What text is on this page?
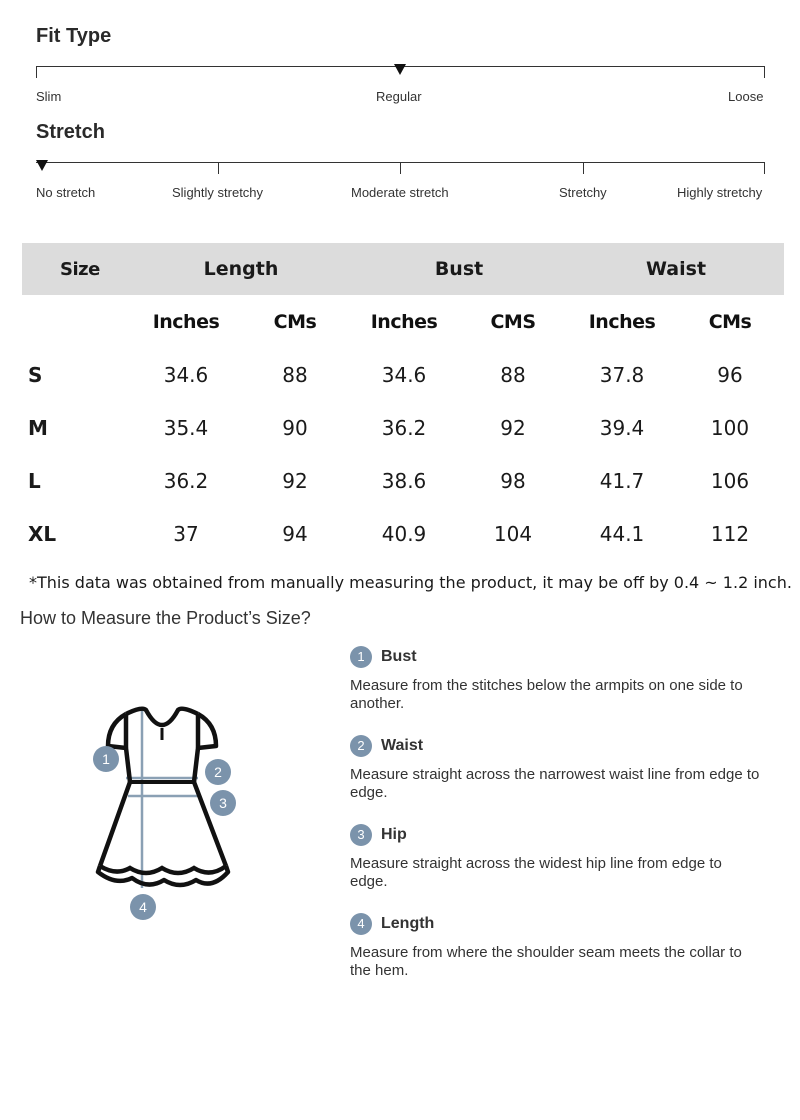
Fit Type
Slim	Regular	Loose
Stretch
No stretch	Slightly stretchy	Moderate stretch	Stretchy	Highly stretchy
Size	Length		Bust		Waist	
	Inches	CMs	Inches	CMS	Inches	CMs
S	34.6	88	34.6	88	37.8	96
M	35.4	90	36.2	92	39.4	100
L	36.2	92	38.6	98	41.7	106
XL	37	94	40.9	104	44.1	112
*This data was obtained from manually measuring the product, it may be off by 0.4 ~ 1.2 inch.
How to Measure the Product’s Size?
1
2
3
4
1	Bust
Measure from the stitches below the armpits on one side to another.
2	Waist
Measure straight across the narrowest waist line from edge to edge.
3	Hip
Measure straight across the widest hip line from edge to edge.
4	Length
Measure from where the shoulder seam meets the collar to the hem.
